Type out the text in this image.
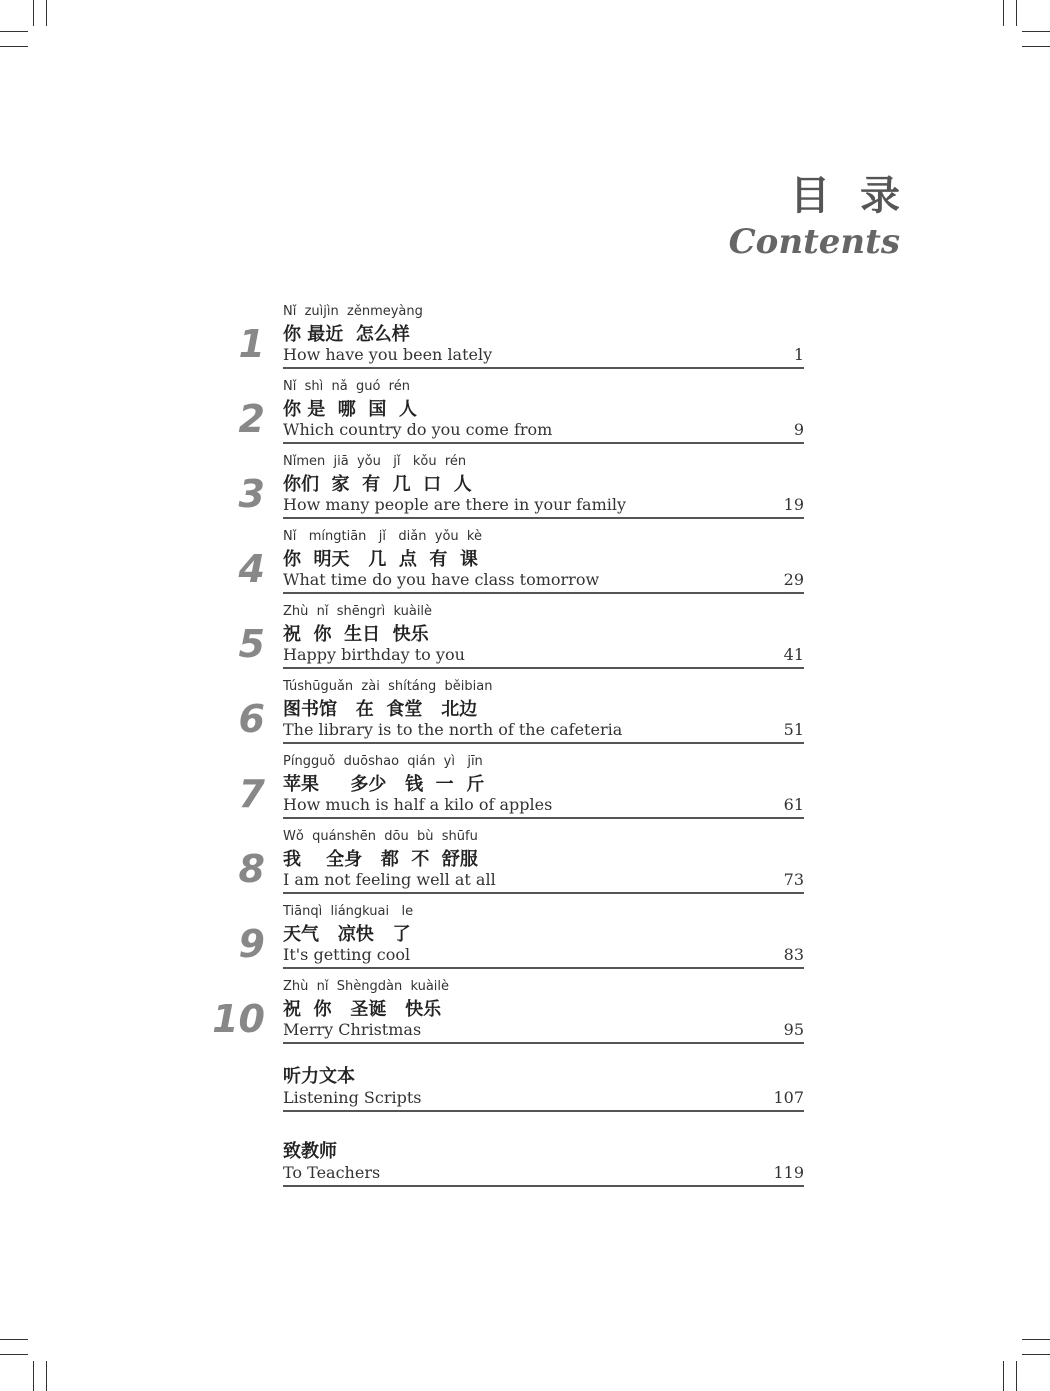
目录
Contents
1
Nǐ  zuìjìn  zěnmeyàng
你 最近  怎么样
How have you been lately	1
2
Nǐ  shì  nǎ  guó  rén
你 是  哪  国  人
Which country do you come from	9
3
Nǐmen  jiā  yǒu   jǐ   kǒu  rén
你们  家  有  几  口  人
How many people are there in your family	19
4
Nǐ   míngtiān   jǐ   diǎn  yǒu  kè
你  明天   几  点  有  课
What time do you have class tomorrow	29
5
Zhù  nǐ  shēngrì  kuàilè
祝  你  生日  快乐
Happy birthday to you	41
6
Túshūguǎn  zài  shítáng  běibian
图书馆   在  食堂   北边
The library is to the north of the cafeteria	51
7
Píngguǒ  duōshao  qián  yì   jīn
苹果     多少   钱  一  斤
How much is half a kilo of apples	61
8
Wǒ  quánshēn  dōu  bù  shūfu
我    全身   都  不  舒服
I am not feeling well at all	73
9
Tiānqì  liángkuai   le
天气   凉快   了
It's getting cool	83
10
Zhù  nǐ  Shèngdàn  kuàilè
祝  你   圣诞   快乐
Merry Christmas	95
听力文本
Listening Scripts	107
致教师
To Teachers	119
